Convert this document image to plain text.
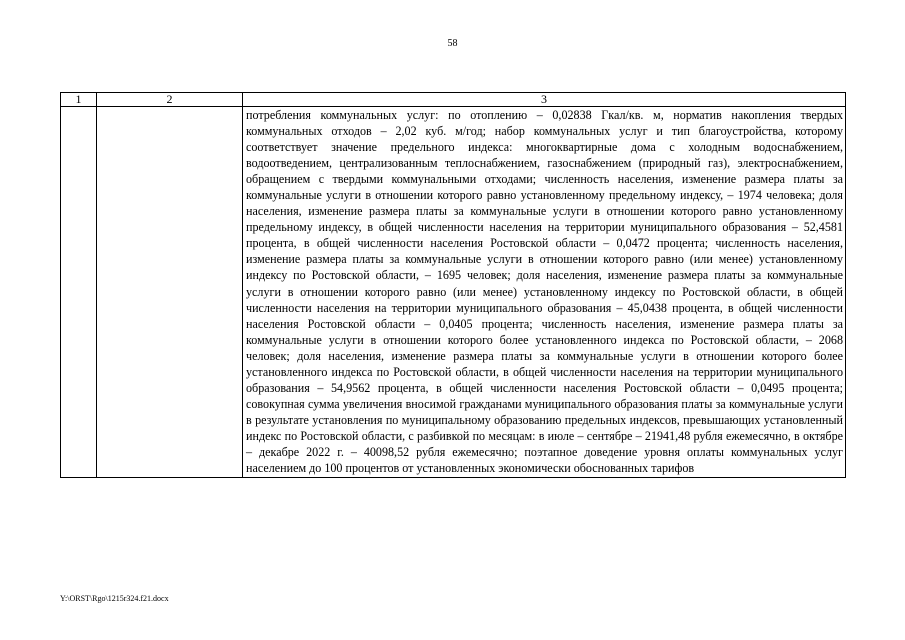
58
1	2	3
		потребления коммунальных услуг: по отоплению – 0,02838 Гкал/кв. м, норматив накопления твердых коммунальных отходов – 2,02 куб. м/год; набор коммунальных услуг и тип благоустройства, которому соответствует значение предельного индекса: многоквартирные дома с холодным водоснабжением, водоотведением, централизованным теплоснабжением, газоснабжением (природный газ), электроснабжением, обращением с твердыми коммунальными отходами; численность населения, изменение размера платы за коммунальные услуги в отношении которого равно установленному предельному индексу, – 1974 человека; доля населения, изменение размера платы за коммунальные услуги в отношении которого равно установленному предельному индексу, в общей численности населения на территории муниципального образования – 52,4581 процента, в общей численности населения Ростовской области – 0,0472 процента; численность населения, изменение размера платы за коммунальные услуги в отношении которого равно (или менее) установленному индексу по Ростовской области, – 1695 человек; доля населения, изменение размера платы за коммунальные услуги в отношении которого равно (или менее) установленному индексу по Ростовской области, в общей численности населения на территории муниципального образования – 45,0438 процента, в общей численности населения Ростовской области – 0,0405 процента; численность населения, изменение размера платы за коммунальные услуги в отношении которого более установленного индекса по Ростовской области, – 2068 человек; доля населения, изменение размера платы за коммунальные услуги в отношении которого более установленного индекса по Ростовской области, в общей численности населения на территории муниципального образования – 54,9562 процента, в общей численности населения Ростовской области – 0,0495 процента; совокупная сумма увеличения вносимой гражданами муниципального образования платы за коммунальные услуги в результате установления по муниципальному образованию предельных индексов, превышающих установленный индекс по Ростовской области, с разбивкой по месяцам: в июле – сентябре – 21941,48 рубля ежемесячно, в октябре – декабре 2022 г. – 40098,52 рубля ежемесячно; поэтапное доведение уровня оплаты коммунальных услуг населением до 100 процентов от установленных экономически обоснованных тарифов
Y:\ORST\Rgo\1215r324.f21.docx
